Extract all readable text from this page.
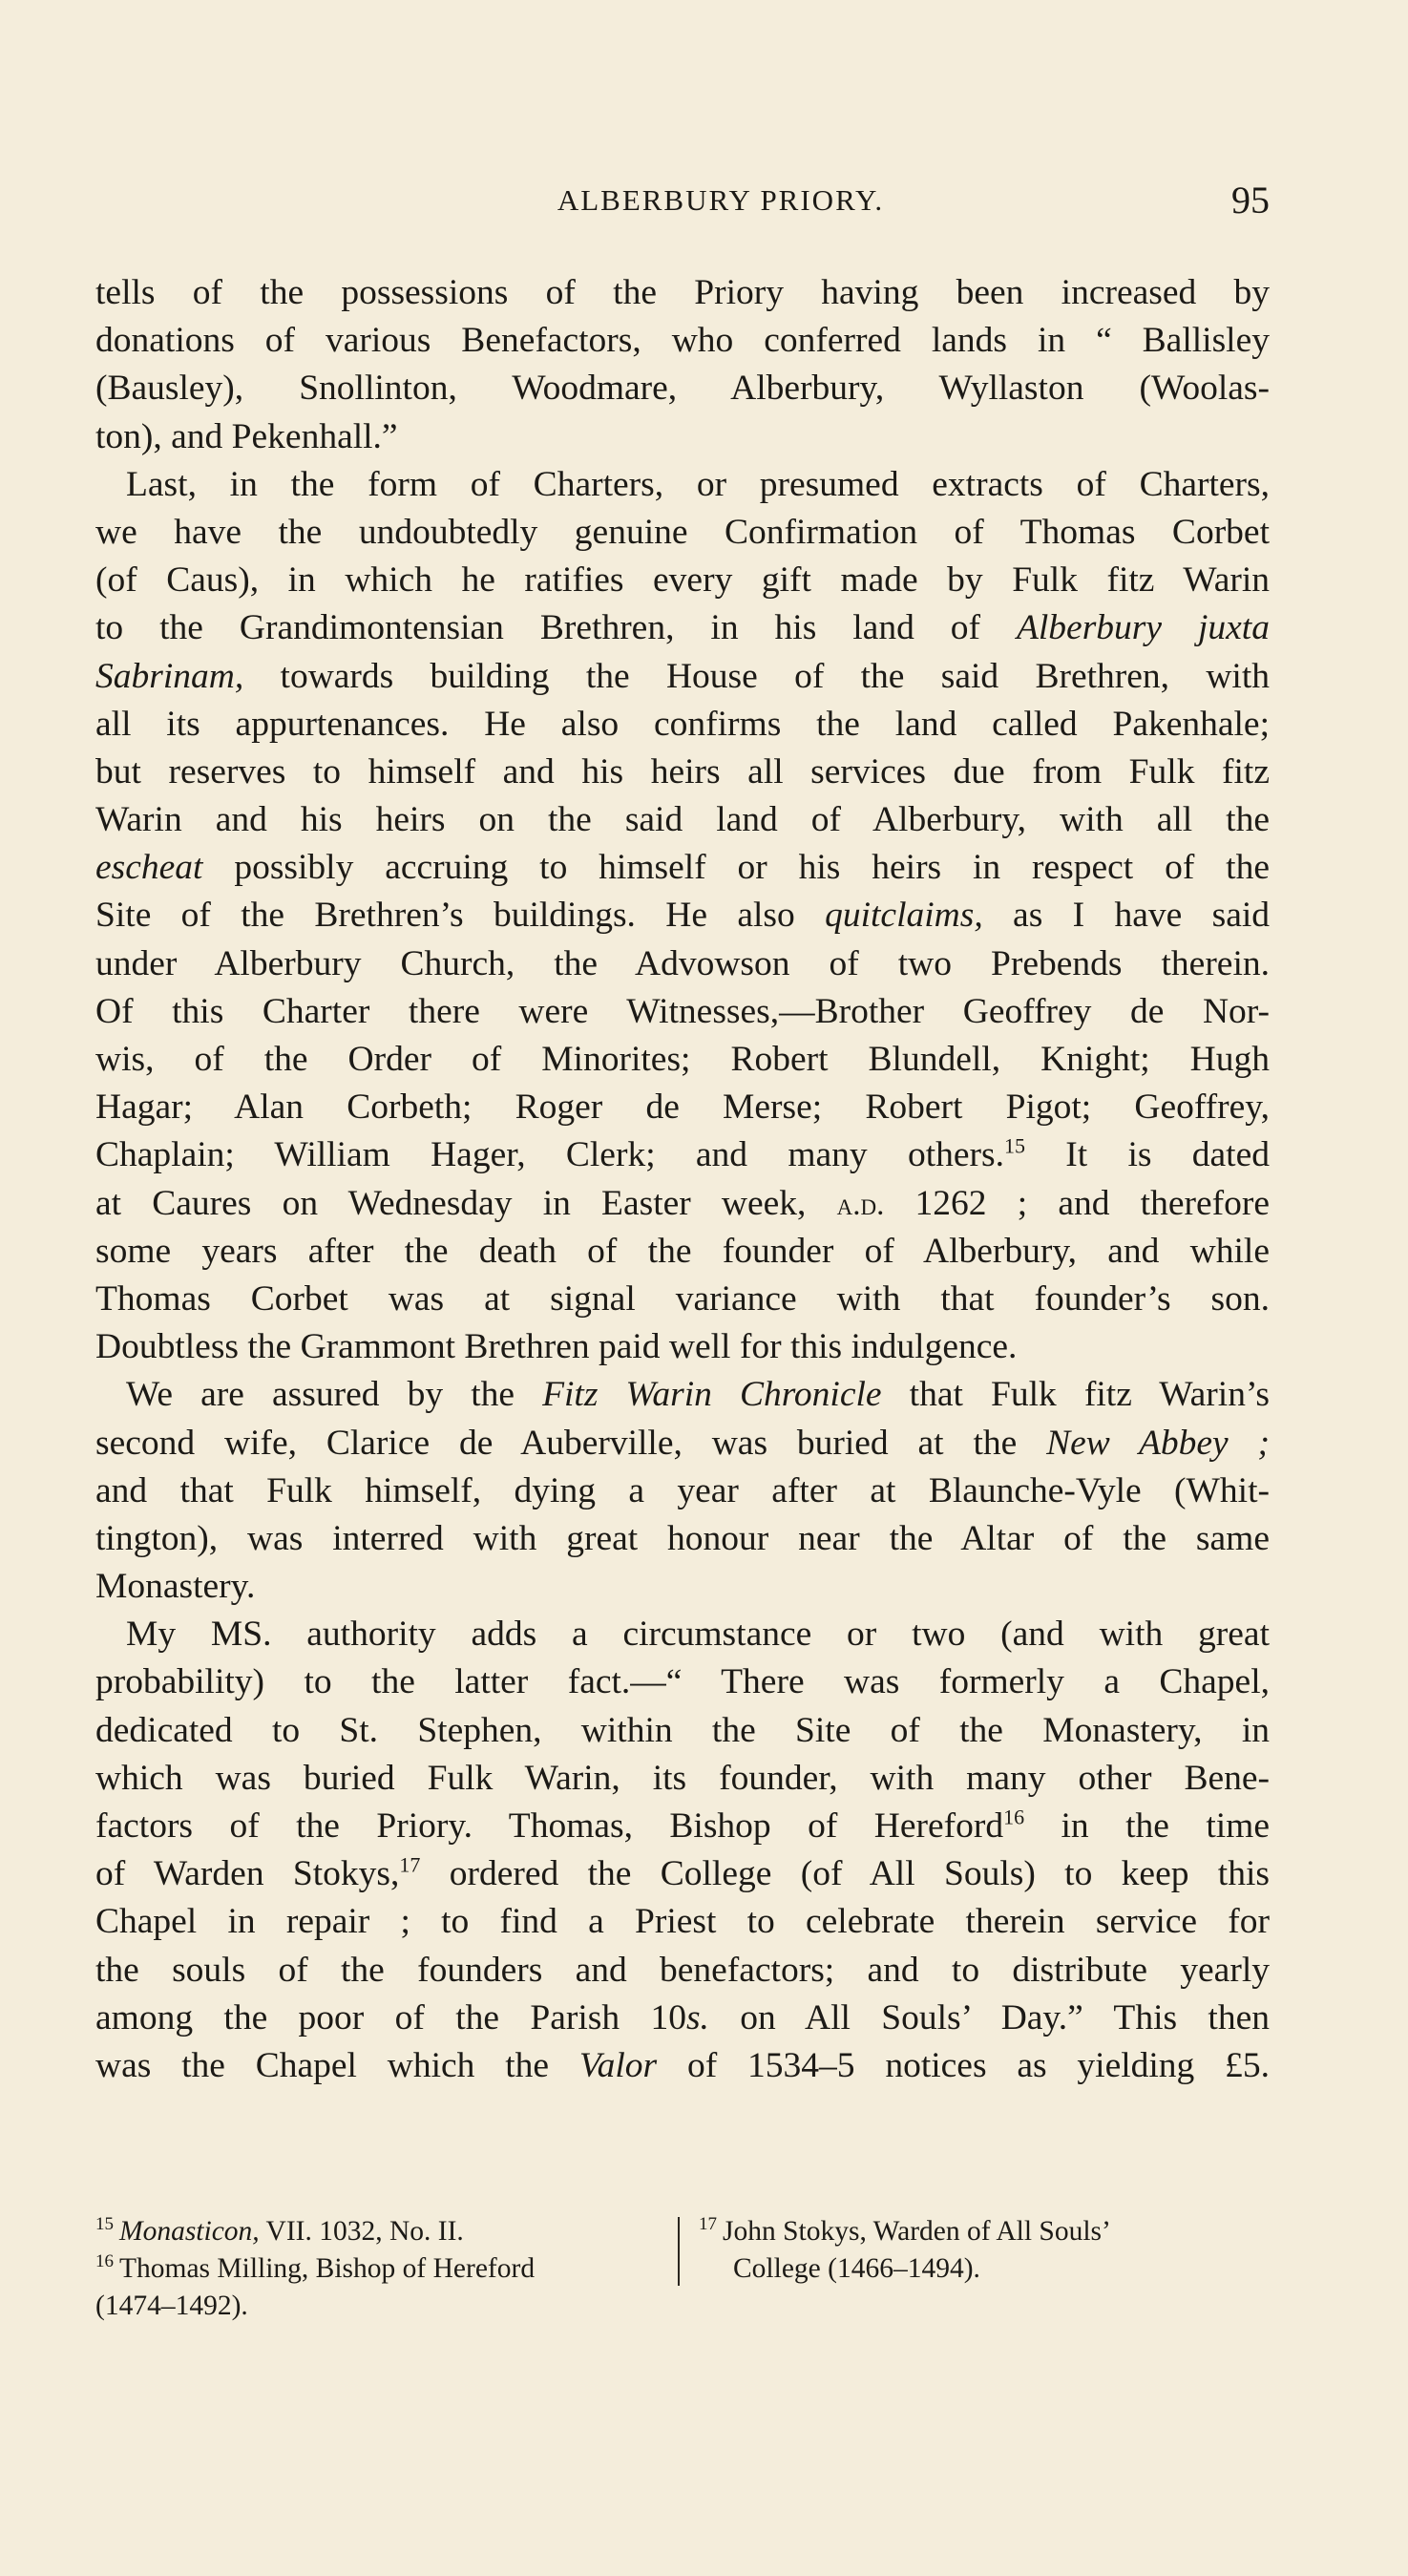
ALBERBURY PRIORY.	95
tells of the possessions of the Priory having been increased by
donations of various Benefactors, who conferred lands in “ Ballisley
(Bausley), Snollinton, Woodmare, Alberbury, Wyllaston (Woolas-
ton), and Pekenhall.”
Last, in the form of Charters, or presumed extracts of Charters,
we have the undoubtedly genuine Confirmation of Thomas Corbet
(of Caus), in which he ratifies every gift made by Fulk fitz Warin
to the Grandimontensian Brethren, in his land of Alberbury juxta
Sabrinam, towards building the House of the said Brethren, with
all its appurtenances. He also confirms the land called Pakenhale;
but reserves to himself and his heirs all services due from Fulk fitz
Warin and his heirs on the said land of Alberbury, with all the
escheat possibly accruing to himself or his heirs in respect of the
Site of the Brethren’s buildings. He also quitclaims, as I have said
under Alberbury Church, the Advowson of two Prebends therein.
Of this Charter there were Witnesses,—Brother Geoffrey de Nor-
wis, of the Order of Minorites; Robert Blundell, Knight; Hugh
Hagar; Alan Corbeth; Roger de Merse; Robert Pigot; Geoffrey,
Chaplain; William Hager, Clerk; and many others.$^{15}$ It is dated
at Caures on Wednesday in Easter week, a.d. 1262 ; and therefore
some years after the death of the founder of Alberbury, and while
Thomas Corbet was at signal variance with that founder’s son.
Doubtless the Grammont Brethren paid well for this indulgence.
We are assured by the Fitz Warin Chronicle that Fulk fitz Warin’s
second wife, Clarice de Auberville, was buried at the New Abbey ;
and that Fulk himself, dying a year after at Blaunche-Vyle (Whit-
tington), was interred with great honour near the Altar of the same
Monastery.
My MS. authority adds a circumstance or two (and with great
probability) to the latter fact.—“ There was formerly a Chapel,
dedicated to St. Stephen, within the Site of the Monastery, in
which was buried Fulk Warin, its founder, with many other Bene-
factors of the Priory. Thomas, Bishop of Hereford$^{16}$ in the time
of Warden Stokys,$^{17}$ ordered the College (of All Souls) to keep this
Chapel in repair ; to find a Priest to celebrate therein service for
the souls of the founders and benefactors; and to distribute yearly
among the poor of the Parish 10s. on All Souls’ Day.” This then
was the Chapel which the Valor of 1534–5 notices as yielding £5.
$^{15}$ Monasticon, VII. 1032, No. II.
$^{16}$ Thomas Milling, Bishop of Hereford
(1474–1492).
$^{17}$ John Stokys, Warden of All Souls’
College (1466–1494).
